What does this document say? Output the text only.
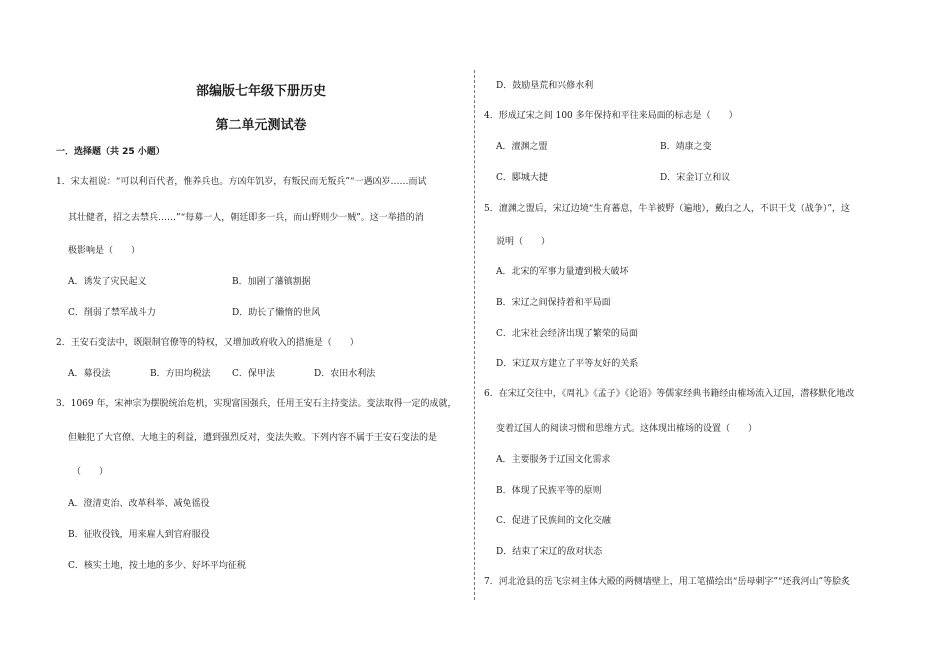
部编版七年级下册历史
第二单元测试卷
一．选择题（共 25 小题）
1．宋太祖说：“可以利百代者，惟养兵也。方凶年饥岁，有叛民而无叛兵”“一遇凶岁……而试
其壮健者，招之去禁兵……”“每募一人，朝廷即多一兵，而山野则少一贼”。这一举措的消
极影响是（　　）
A．诱发了灾民起义	B．加剧了藩镇割据
C．削弱了禁军战斗力	D．助长了懒惰的世风
2．王安石变法中，既限制官僚等的特权，又增加政府收入的措施是（　　）
A．募役法	B．方田均税法 C．保甲法	D．农田水利法
3．1069 年，宋神宗为摆脱统治危机，实现富国强兵，任用王安石主持变法。变法取得一定的成就，
但触犯了大官僚、大地主的利益，遭到强烈反对，变法失败。下列内容不属于王安石变法的是
（　　）
A．澄清吏治、改革科举、减免徭役
B．征收役钱，用来雇人到官府服役
C．核实土地，按土地的多少、好坏平均征税
D．鼓励垦荒和兴修水利
4．形成辽宋之间 100 多年保持和平往来局面的标志是（　　）
A．澶渊之盟	B．靖康之变
C．郾城大捷	D．宋金订立和议
5．澶渊之盟后，宋辽边境“生育蕃息，牛羊被野（遍地），戴白之人，不识干戈（战争）”，这
说明（　　）
A．北宋的军事力量遭到极大破坏
B．宋辽之间保持着和平局面
C．北宋社会经济出现了繁荣的局面
D．宋辽双方建立了平等友好的关系
6．在宋辽交往中，《周礼》《孟子》《论语》等儒家经典书籍经由榷场流入辽国，潜移默化地改
变着辽国人的阅读习惯和思维方式。这体现出榷场的设置（　　）
A．主要服务于辽国文化需求
B．体现了民族平等的原则
C．促进了民族间的文化交融
D．结束了宋辽的敌对状态
7．河北沧县的岳飞宗祠主体大殿的两侧墙壁上，用工笔描绘出“岳母刺字”“还我河山”等脍炙
